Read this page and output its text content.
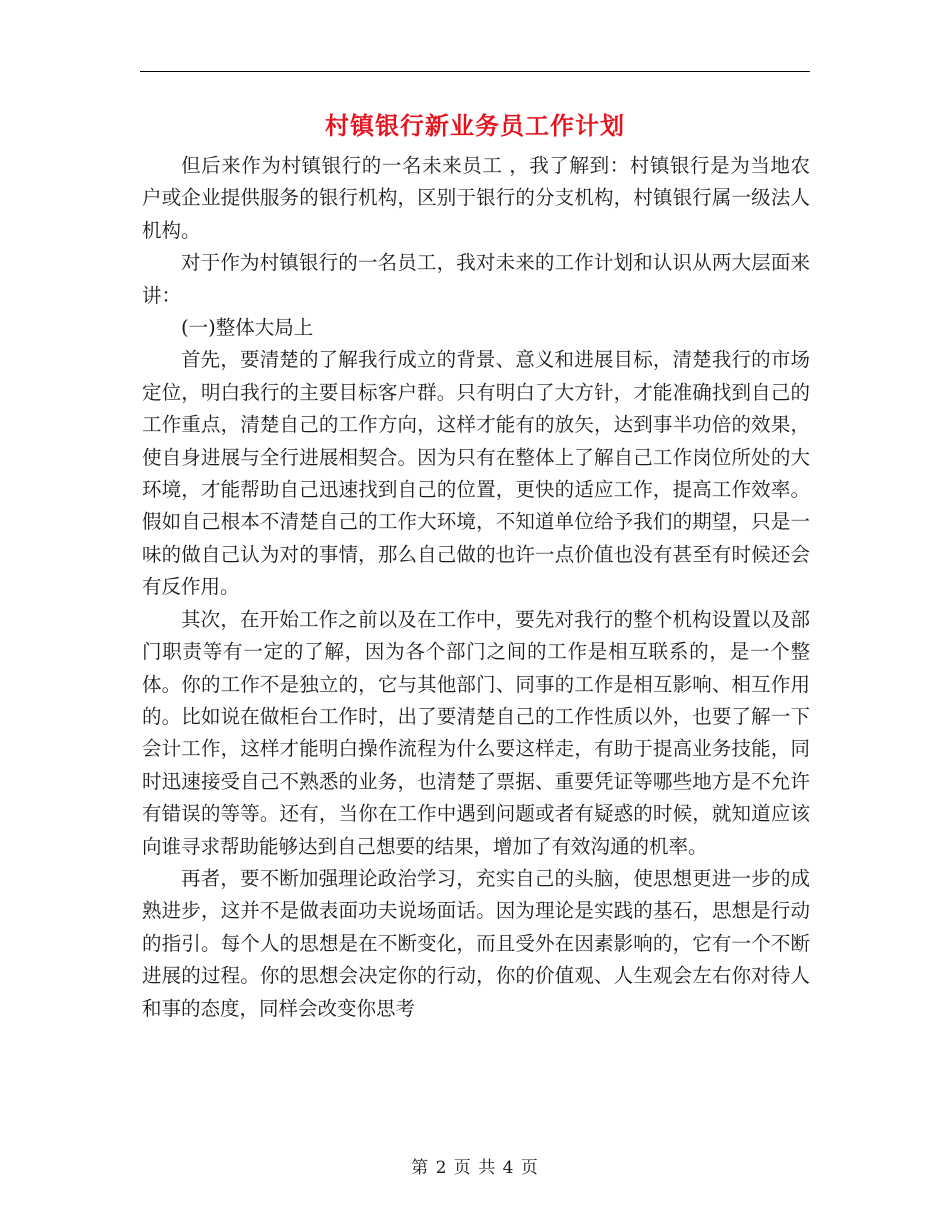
村镇银行新业务员工作计划

但后来作为村镇银行的一名未来员工 ，我了解到：村镇银行是为当地农户或企业提供服务的银行机构，区别于银行的分支机构，村镇银行属一级法人机构。

对于作为村镇银行的一名员工，我对未来的工作计划和认识从两大层面来讲：

(一)整体大局上

首先，要清楚的了解我行成立的背景、意义和进展目标，清楚我行的市场定位，明白我行的主要目标客户群。只有明白了大方针，才能准确找到自己的工作重点，清楚自己的工作方向，这样才能有的放矢，达到事半功倍的效果，使自身进展与全行进展相契合。因为只有在整体上了解自己工作岗位所处的大环境，才能帮助自己迅速找到自己的位置，更快的适应工作，提高工作效率。假如自己根本不清楚自己的工作大环境，不知道单位给予我们的期望，只是一味的做自己认为对的事情，那么自己做的也许一点价值也没有甚至有时候还会有反作用。

其次，在开始工作之前以及在工作中，要先对我行的整个机构设置以及部门职责等有一定的了解，因为各个部门之间的工作是相互联系的，是一个整体。你的工作不是独立的，它与其他部门、同事的工作是相互影响、相互作用的。比如说在做柜台工作时，出了要清楚自己的工作性质以外，也要了解一下会计工作，这样才能明白操作流程为什么要这样走，有助于提高业务技能，同时迅速接受自己不熟悉的业务，也清楚了票据、重要凭证等哪些地方是不允许有错误的等等。还有，当你在工作中遇到问题或者有疑惑的时候，就知道应该向谁寻求帮助能够达到自己想要的结果，增加了有效沟通的机率。

再者，要不断加强理论政治学习，充实自己的头脑，使思想更进一步的成熟进步，这并不是做表面功夫说场面话。因为理论是实践的基石，思想是行动的指引。每个人的思想是在不断变化，而且受外在因素影响的，它有一个不断进展的过程。你的思想会决定你的行动，你的价值观、人生观会左右你对待人和事的态度，同样会改变你思考

第 2 页 共 4 页
